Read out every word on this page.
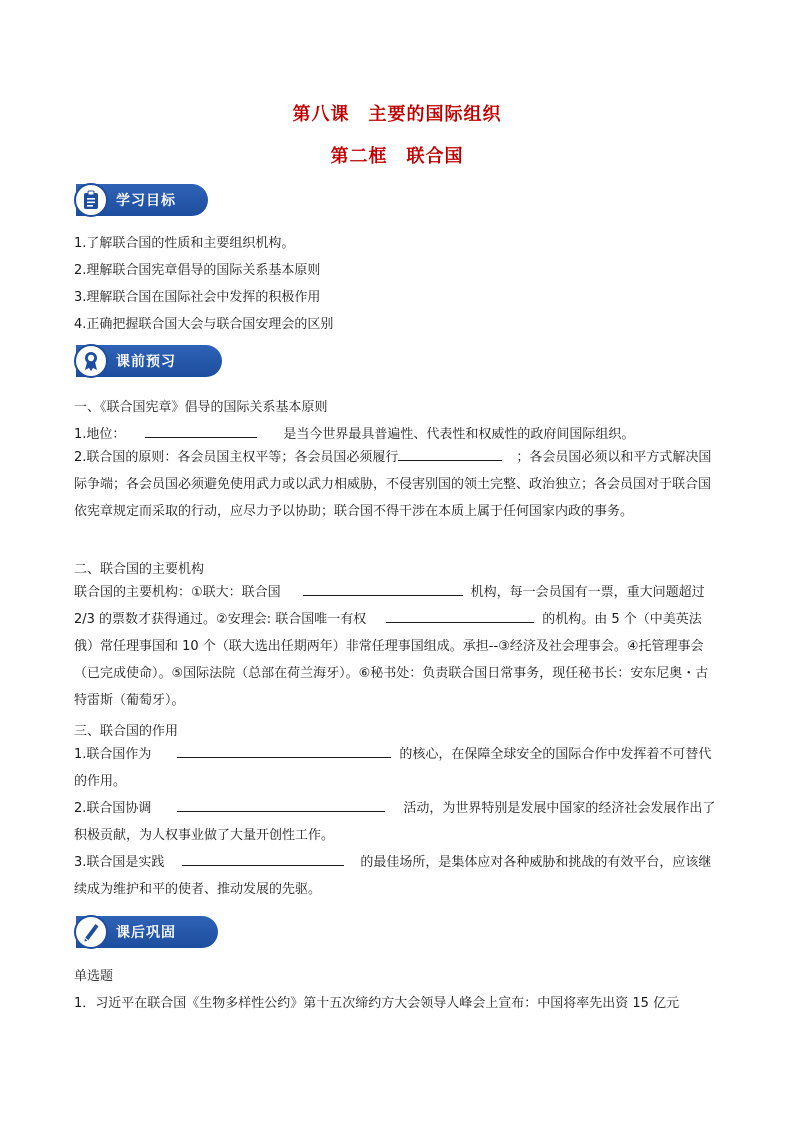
第八课　主要的国际组织
第二框　联合国
学习目标
1.了解联合国的性质和主要组织机构。
2.理解联合国宪章倡导的国际关系基本原则
3.理解联合国在国际社会中发挥的积极作用
4.正确把握联合国大会与联合国安理会的区别
课前预习
一、《联合国宪章》倡导的国际关系基本原则
1.地位：	是当今世界最具普遍性、代表性和权威性的政府间国际组织。
2.联合国的原则：各会员国主权平等；各会员国必须履行	；各会员国必须以和平方式解决国际争端；各会员国必须避免使用武力或以武力相威胁，不侵害别国的领土完整、政治独立；各会员国对于联合国依宪章规定而采取的行动，应尽力予以协助；联合国不得干涉在本质上属于任何国家内政的事务。
二、联合国的主要机构
联合国的主要机构：①联大：联合国	机构，每一会员国有一票，重大问题超过 2/3 的票数才获得通过。②安理会: 联合国唯一有权	的机构。由 5 个（中美英法俄）常任理事国和 10 个（联大选出任期两年）非常任理事国组成。承担--③经济及社会理事会。④托管理事会（已完成使命）。⑤国际法院（总部在荷兰海牙）。⑥秘书处：负责联合国日常事务，现任秘书长：安东尼奥・古特雷斯（葡萄牙）。
三、联合国的作用
1.联合国作为	的核心，在保障全球安全的国际合作中发挥着不可替代的作用。
2.联合国协调	活动，为世界特别是发展中国家的经济社会发展作出了积极贡献，为人权事业做了大量开创性工作。
3.联合国是实践	的最佳场所，是集体应对各种威胁和挑战的有效平台，应该继续成为维护和平的使者、推动发展的先驱。
课后巩固
单选题
1．习近平在联合国《生物多样性公约》第十五次缔约方大会领导人峰会上宣布：中国将率先出资 15 亿元
